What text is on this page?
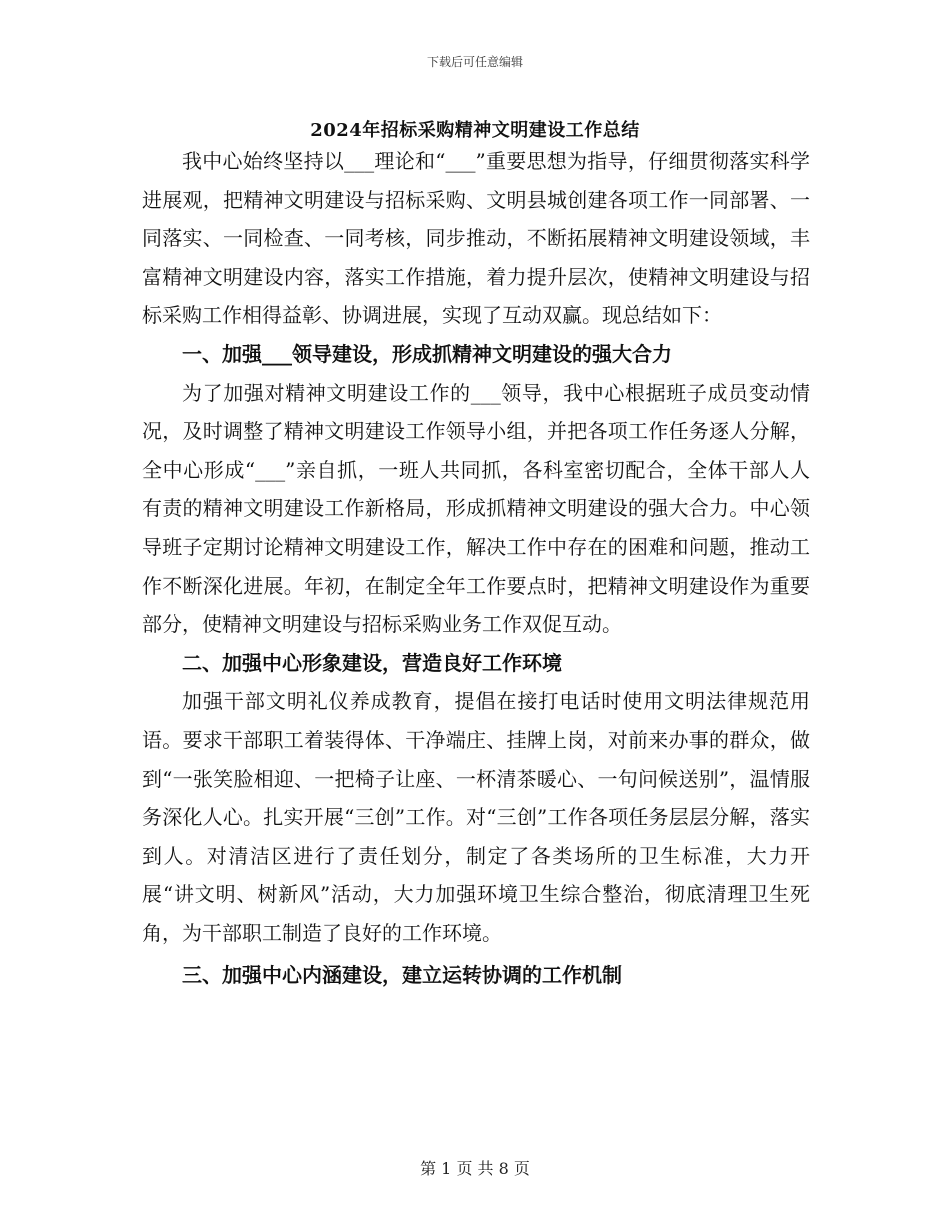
下载后可任意编辑
2024年招标采购精神文明建设工作总结

我中心始终坚持以___理论和“___”重要思想为指导，仔细贯彻落实科学进展观，把精神文明建设与招标采购、文明县城创建各项工作一同部署、一同落实、一同检查、一同考核，同步推动，不断拓展精神文明建设领域，丰富精神文明建设内容，落实工作措施，着力提升层次，使精神文明建设与招标采购工作相得益彰、协调进展，实现了互动双赢。现总结如下：

一、加强___领导建设，形成抓精神文明建设的强大合力

为了加强对精神文明建设工作的___领导，我中心根据班子成员变动情况，及时调整了精神文明建设工作领导小组，并把各项工作任务逐人分解，全中心形成“___”亲自抓，一班人共同抓，各科室密切配合，全体干部人人有责的精神文明建设工作新格局，形成抓精神文明建设的强大合力。中心领导班子定期讨论精神文明建设工作，解决工作中存在的困难和问题，推动工作不断深化进展。年初，在制定全年工作要点时，把精神文明建设作为重要部分，使精神文明建设与招标采购业务工作双促互动。

二、加强中心形象建设，营造良好工作环境

加强干部文明礼仪养成教育，提倡在接打电话时使用文明法律规范用语。要求干部职工着装得体、干净端庄、挂牌上岗，对前来办事的群众，做到“一张笑脸相迎、一把椅子让座、一杯清茶暖心、一句问候送别”，温情服务深化人心。扎实开展“三创”工作。对“三创”工作各项任务层层分解，落实到人。对清洁区进行了责任划分，制定了各类场所的卫生标准，大力开展“讲文明、树新风”活动，大力加强环境卫生综合整治，彻底清理卫生死角，为干部职工制造了良好的工作环境。

三、加强中心内涵建设，建立运转协调的工作机制

第 1 页 共 8 页
